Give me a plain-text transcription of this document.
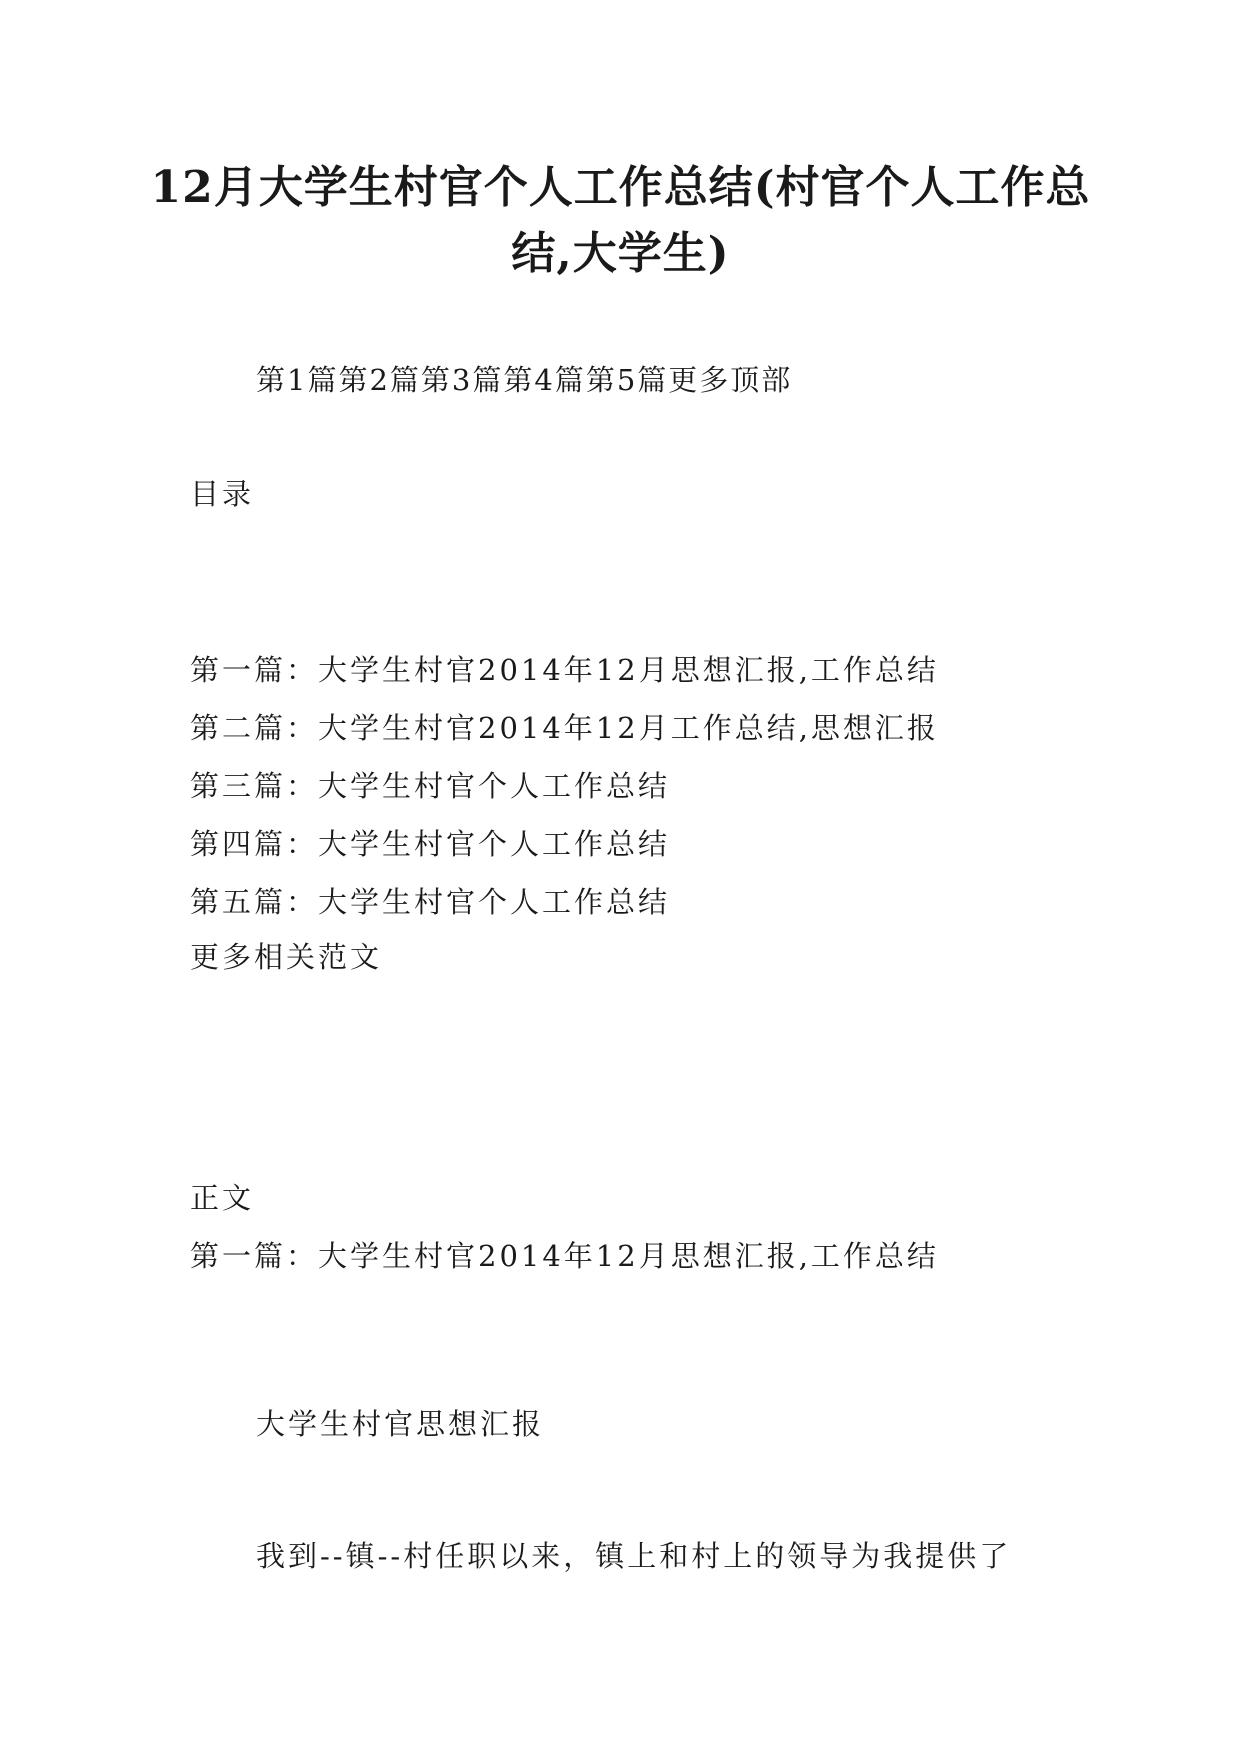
12月大学生村官个人工作总结(村官个人工作总结,大学生)
第1篇第2篇第3篇第4篇第5篇更多顶部
目录
第一篇：大学生村官2014年12月思想汇报,工作总结
第二篇：大学生村官2014年12月工作总结,思想汇报
第三篇：大学生村官个人工作总结
第四篇：大学生村官个人工作总结
第五篇：大学生村官个人工作总结
更多相关范文
正文
第一篇：大学生村官2014年12月思想汇报,工作总结
大学生村官思想汇报
我到--镇--村任职以来，镇上和村上的领导为我提供了
